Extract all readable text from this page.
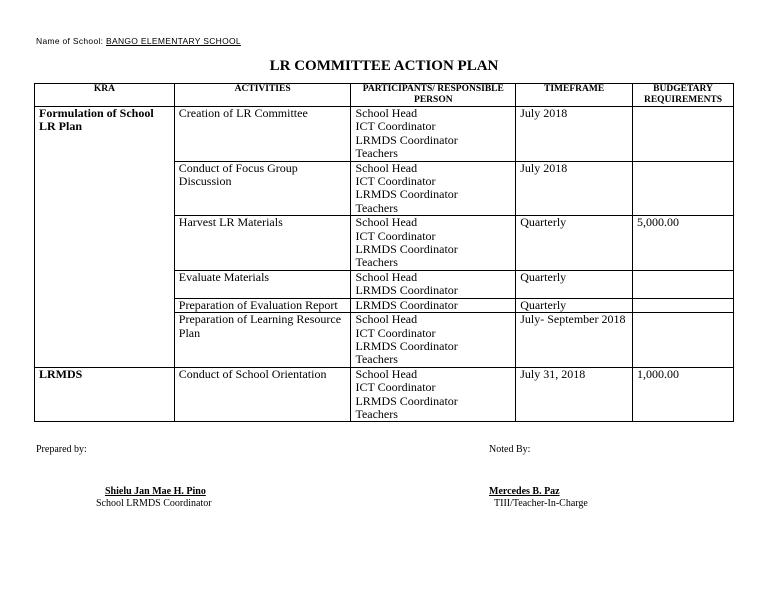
Name of School: BANGO ELEMENTARY SCHOOL
LR COMMITTEE ACTION PLAN
KRA	ACTIVITIES	PARTICIPANTS/ RESPONSIBLE PERSON	TIMEFRAME	BUDGETARY REQUIREMENTS
Formulation of School LR Plan	Creation of LR Committee	School Head
ICT Coordinator
LRMDS Coordinator
Teachers	July 2018	
	Conduct of Focus Group Discussion	School Head
ICT Coordinator
LRMDS Coordinator
Teachers	July 2018	
	Harvest LR Materials	School Head
ICT Coordinator
LRMDS Coordinator
Teachers	Quarterly	5,000.00
	Evaluate Materials	School Head
LRMDS Coordinator	Quarterly	
	Preparation of Evaluation Report	LRMDS Coordinator	Quarterly	
	Preparation of Learning Resource Plan	School Head
ICT Coordinator
LRMDS Coordinator
Teachers	July- September 2018	
LRMDS	Conduct of School Orientation	School Head
ICT Coordinator
LRMDS Coordinator
Teachers	July 31, 2018	1,000.00
Prepared by:	Noted By:
Shielu Jan Mae H. Pino
School LRMDS Coordinator
Mercedes B. Paz
TIII/Teacher-In-Charge
